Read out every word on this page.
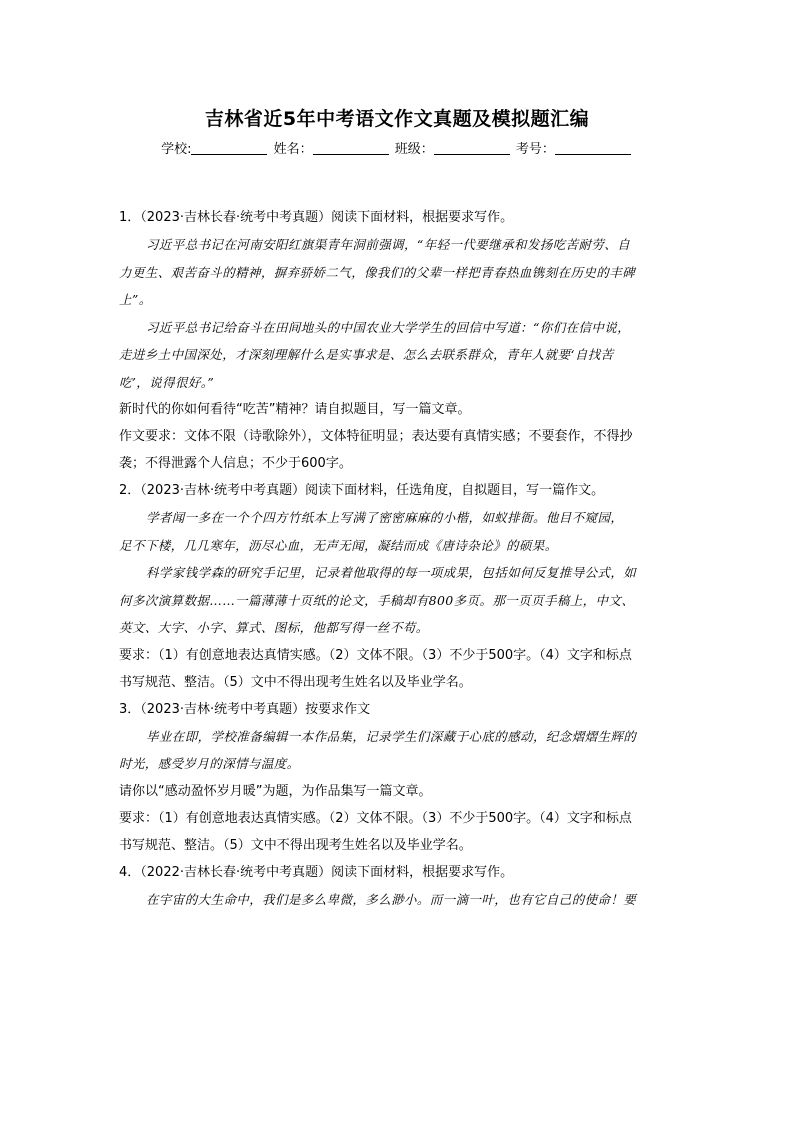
吉林省近5年中考语文作文真题及模拟题汇编
学校:	姓名：	班级：	考号：
1．（2023·吉林长春·统考中考真题）阅读下面材料，根据要求写作。
习近平总书记在河南安阳红旗渠青年洞前强调，“年轻一代要继承和发扬吃苦耐劳、自
力更生、艰苦奋斗的精神，摒弃骄娇二气，像我们的父辈一样把青春热血镌刻在历史的丰碑
上”。
习近平总书记给奋斗在田间地头的中国农业大学学生的回信中写道：“你们在信中说，
走进乡土中国深处，才深刻理解什么是实事求是、怎么去联系群众，青年人就要‘自找苦
吃’，说得很好。”
新时代的你如何看待“吃苦”精神？请自拟题目，写一篇文章。
作文要求：文体不限（诗歌除外），文体特征明显；表达要有真情实感；不要套作，不得抄
袭；不得泄露个人信息；不少于600字。
2．（2023·吉林·统考中考真题）阅读下面材料，任选角度，自拟题目，写一篇作文。
学者闻一多在一个个四方竹纸本上写满了密密麻麻的小楷，如蚁排衙。他目不窥园，
足不下楼，几几寒年，沥尽心血，无声无闻，凝结而成《唐诗杂论》的硕果。
科学家钱学森的研究手记里，记录着他取得的每一项成果，包括如何反复推导公式，如
何多次演算数据……一篇薄薄十页纸的论文，手稿却有800多页。那一页页手稿上，中文、
英文、大字、小字、算式、图标，他都写得一丝不苟。
要求：（1）有创意地表达真情实感。（2）文体不限。（3）不少于500字。（4）文字和标点
书写规范、整洁。（5）文中不得出现考生姓名以及毕业学名。
3．（2023·吉林·统考中考真题）按要求作文
毕业在即，学校准备编辑一本作品集，记录学生们深藏于心底的感动，纪念熠熠生辉的
时光，感受岁月的深情与温度。
请你以“感动盈怀岁月暖”为题，为作品集写一篇文章。
要求：（1）有创意地表达真情实感。（2）文体不限。（3）不少于500字。（4）文字和标点
书写规范、整洁。（5）文中不得出现考生姓名以及毕业学名。
4．（2022·吉林长春·统考中考真题）阅读下面材料，根据要求写作。
在宇宙的大生命中，我们是多么卑微，多么渺小。而一滴一叶，也有它自己的使命！要
